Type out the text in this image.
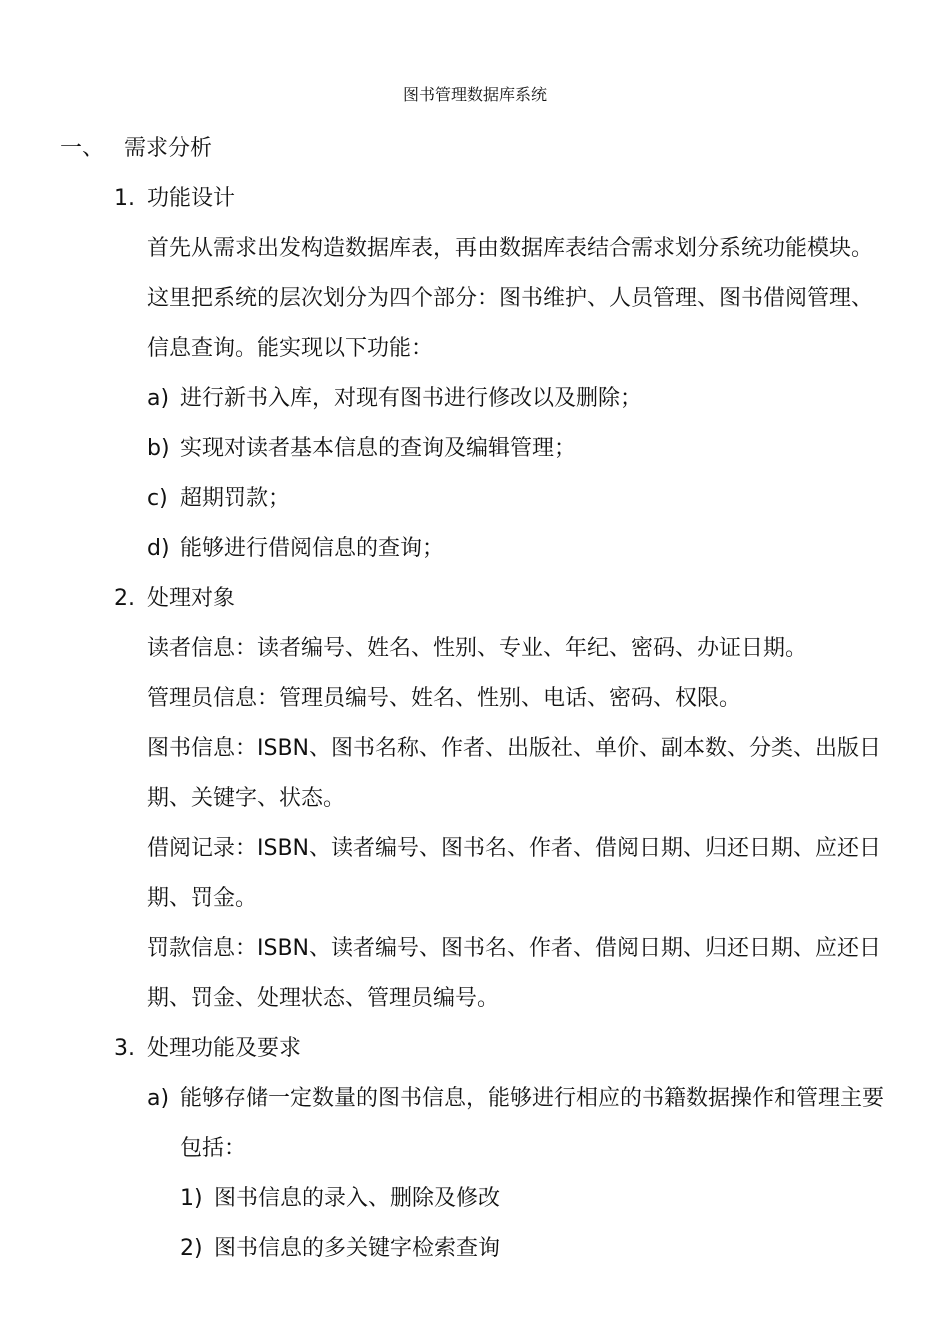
图书管理数据库系统
一、 需求分析
1. 功能设计
首先从需求出发构造数据库表，再由数据库表结合需求划分系统功能模块。
这里把系统的层次划分为四个部分：图书维护、人员管理、图书借阅管理、
信息查询。能实现以下功能：
a) 进行新书入库，对现有图书进行修改以及删除；
b) 实现对读者基本信息的查询及编辑管理；
c) 超期罚款；
d) 能够进行借阅信息的查询；
2. 处理对象
读者信息：读者编号、姓名、性别、专业、年纪、密码、办证日期。
管理员信息：管理员编号、姓名、性别、电话、密码、权限。
图书信息：ISBN、图书名称、作者、出版社、单价、副本数、分类、出版日
期、关键字、状态。
借阅记录：ISBN、读者编号、图书名、作者、借阅日期、归还日期、应还日
期、罚金。
罚款信息：ISBN、读者编号、图书名、作者、借阅日期、归还日期、应还日
期、罚金、处理状态、管理员编号。
3. 处理功能及要求
a) 能够存储一定数量的图书信息，能够进行相应的书籍数据操作和管理主要
包括：
1) 图书信息的录入、删除及修改
2) 图书信息的多关键字检索查询
